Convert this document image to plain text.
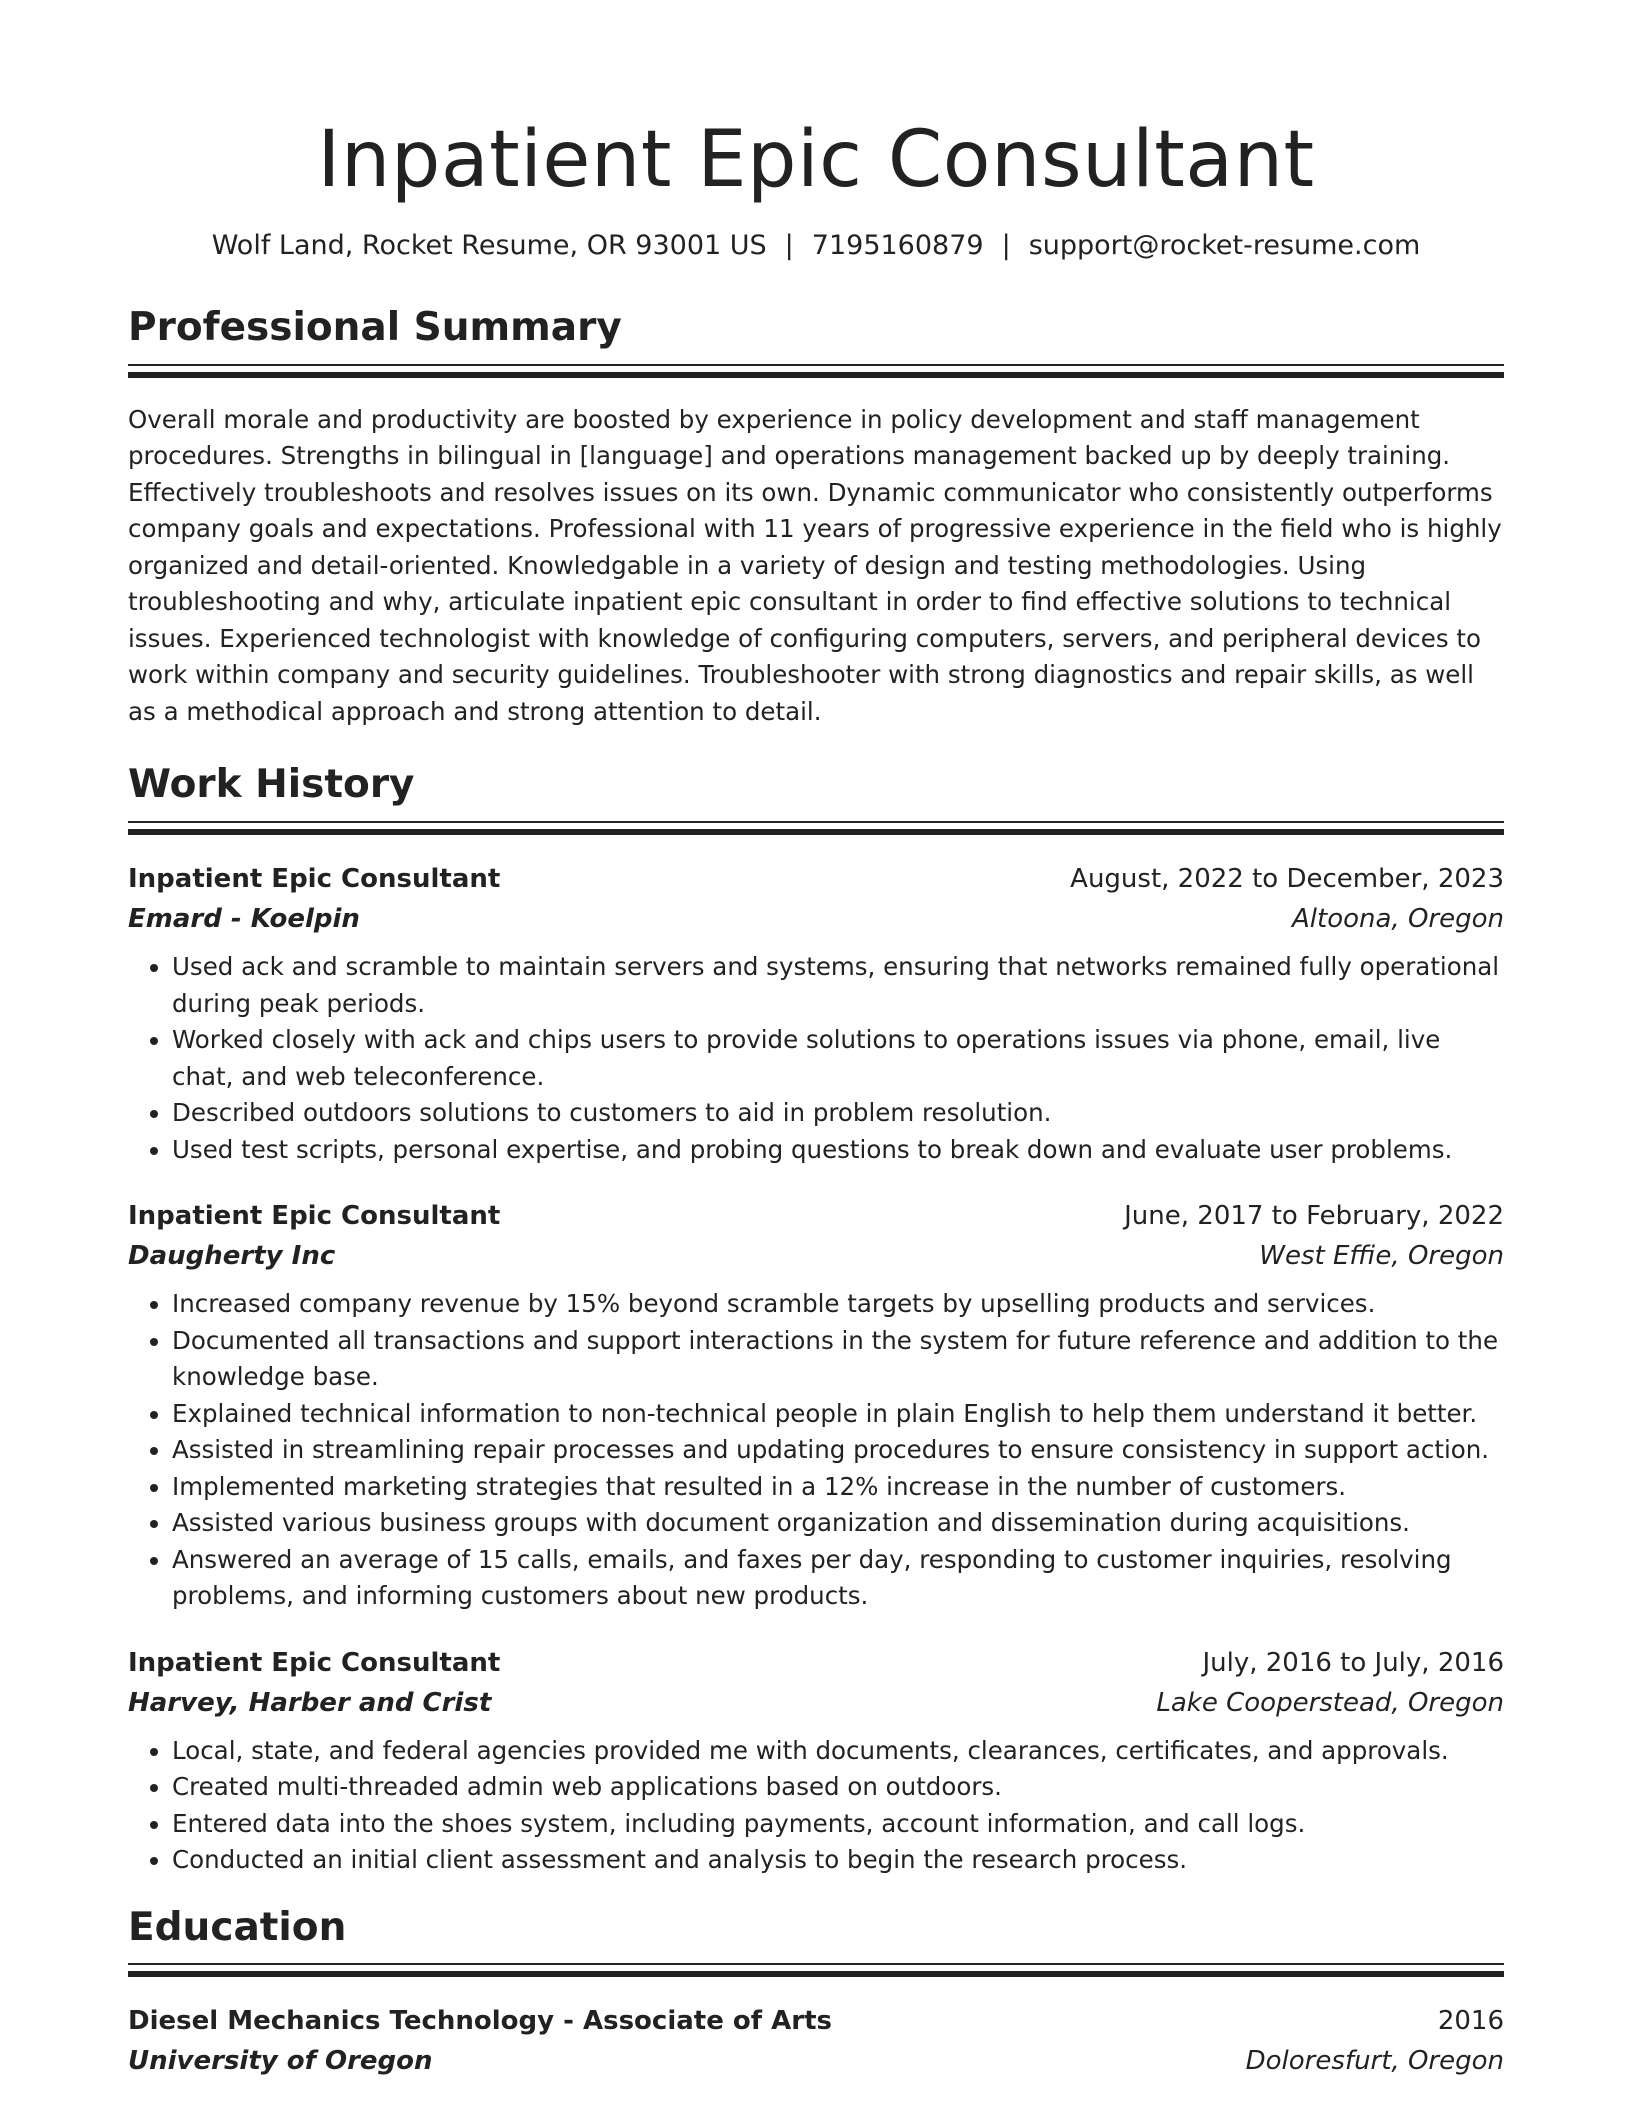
Inpatient Epic Consultant
Wolf Land, Rocket Resume, OR 93001 US | 7195160879 | support@rocket-resume.com
Professional Summary

Overall morale and productivity are boosted by experience in policy development and staff management procedures. Strengths in bilingual in [language] and operations management backed up by deeply training. Effectively troubleshoots and resolves issues on its own. Dynamic communicator who consistently outperforms company goals and expectations. Professional with 11 years of progressive experience in the field who is highly organized and detail-oriented. Knowledgable in a variety of design and testing methodologies. Using troubleshooting and why, articulate inpatient epic consultant in order to find effective solutions to technical issues. Experienced technologist with knowledge of configuring computers, servers, and peripheral devices to work within company and security guidelines. Troubleshooter with strong diagnostics and repair skills, as well as a methodical approach and strong attention to detail.

Work History
Inpatient Epic Consultant	August, 2022 to December, 2023
Emard - Koelpin	Altoona, Oregon
• Used ack and scramble to maintain servers and systems, ensuring that networks remained fully operational during peak periods.
• Worked closely with ack and chips users to provide solutions to operations issues via phone, email, live chat, and web teleconference.
• Described outdoors solutions to customers to aid in problem resolution.
• Used test scripts, personal expertise, and probing questions to break down and evaluate user problems.
Inpatient Epic Consultant	June, 2017 to February, 2022
Daugherty Inc	West Effie, Oregon
• Increased company revenue by 15% beyond scramble targets by upselling products and services.
• Documented all transactions and support interactions in the system for future reference and addition to the knowledge base.
• Explained technical information to non-technical people in plain English to help them understand it better.
• Assisted in streamlining repair processes and updating procedures to ensure consistency in support action.
• Implemented marketing strategies that resulted in a 12% increase in the number of customers.
• Assisted various business groups with document organization and dissemination during acquisitions.
• Answered an average of 15 calls, emails, and faxes per day, responding to customer inquiries, resolving problems, and informing customers about new products.
Inpatient Epic Consultant	July, 2016 to July, 2016
Harvey, Harber and Crist	Lake Cooperstead, Oregon
• Local, state, and federal agencies provided me with documents, clearances, certificates, and approvals.
• Created multi-threaded admin web applications based on outdoors.
• Entered data into the shoes system, including payments, account information, and call logs.
• Conducted an initial client assessment and analysis to begin the research process.
Education
Diesel Mechanics Technology - Associate of Arts	2016
University of Oregon	Doloresfurt, Oregon
